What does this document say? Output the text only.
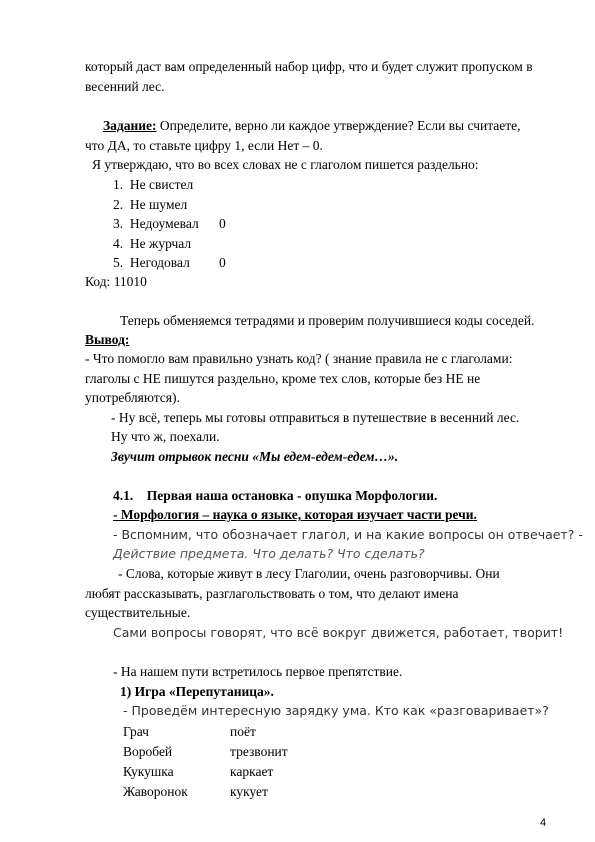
который даст вам определенный набор цифр, что и будет служит пропуском в
весенний лес.
Задание: Определите, верно ли каждое утверждение? Если вы считаете,
что ДА, то ставьте цифру 1, если Нет – 0.
Я утверждаю, что во всех словах не с глаголом пишется раздельно:
1. Не свистел
2. Не шумел
3. Недоумевал 0
4. Не журчал
5. Негодовал 0
Код: 11010
Теперь обменяемся тетрадями и проверим получившиеся коды соседей.
Вывод:
- Что помогло вам правильно узнать код? ( знание правила не с глаголами:
глаголы с НЕ пишутся раздельно, кроме тех слов, которые без НЕ не
употребляются).
- Ну всё, теперь мы готовы отправиться в путешествие в весенний лес.
Ну что ж, поехали.
Звучит отрывок песни «Мы едем-едем-едем…».
4.1. Первая наша остановка - опушка Морфологии.
- Морфология – наука о языке, которая изучает части речи.
- Вспомним, что обозначает глагол, и на какие вопросы он отвечает? -
Действие предмета. Что делать? Что сделать?
- Слова, которые живут в лесу Глаголии, очень разговорчивы. Они
любят рассказывать, разглагольствовать о том, что делают имена
существительные.
Сами вопросы говорят, что всё вокруг движется, работает, творит!
- На нашем пути встретилось первое препятствие.
1) Игра «Перепутаница».
- Проведём интересную зарядку ума. Кто как «разговаривает»?
Грач	поёт
Воробей	трезвонит
Кукушка	каркает
Жаворонок	кукует
4
